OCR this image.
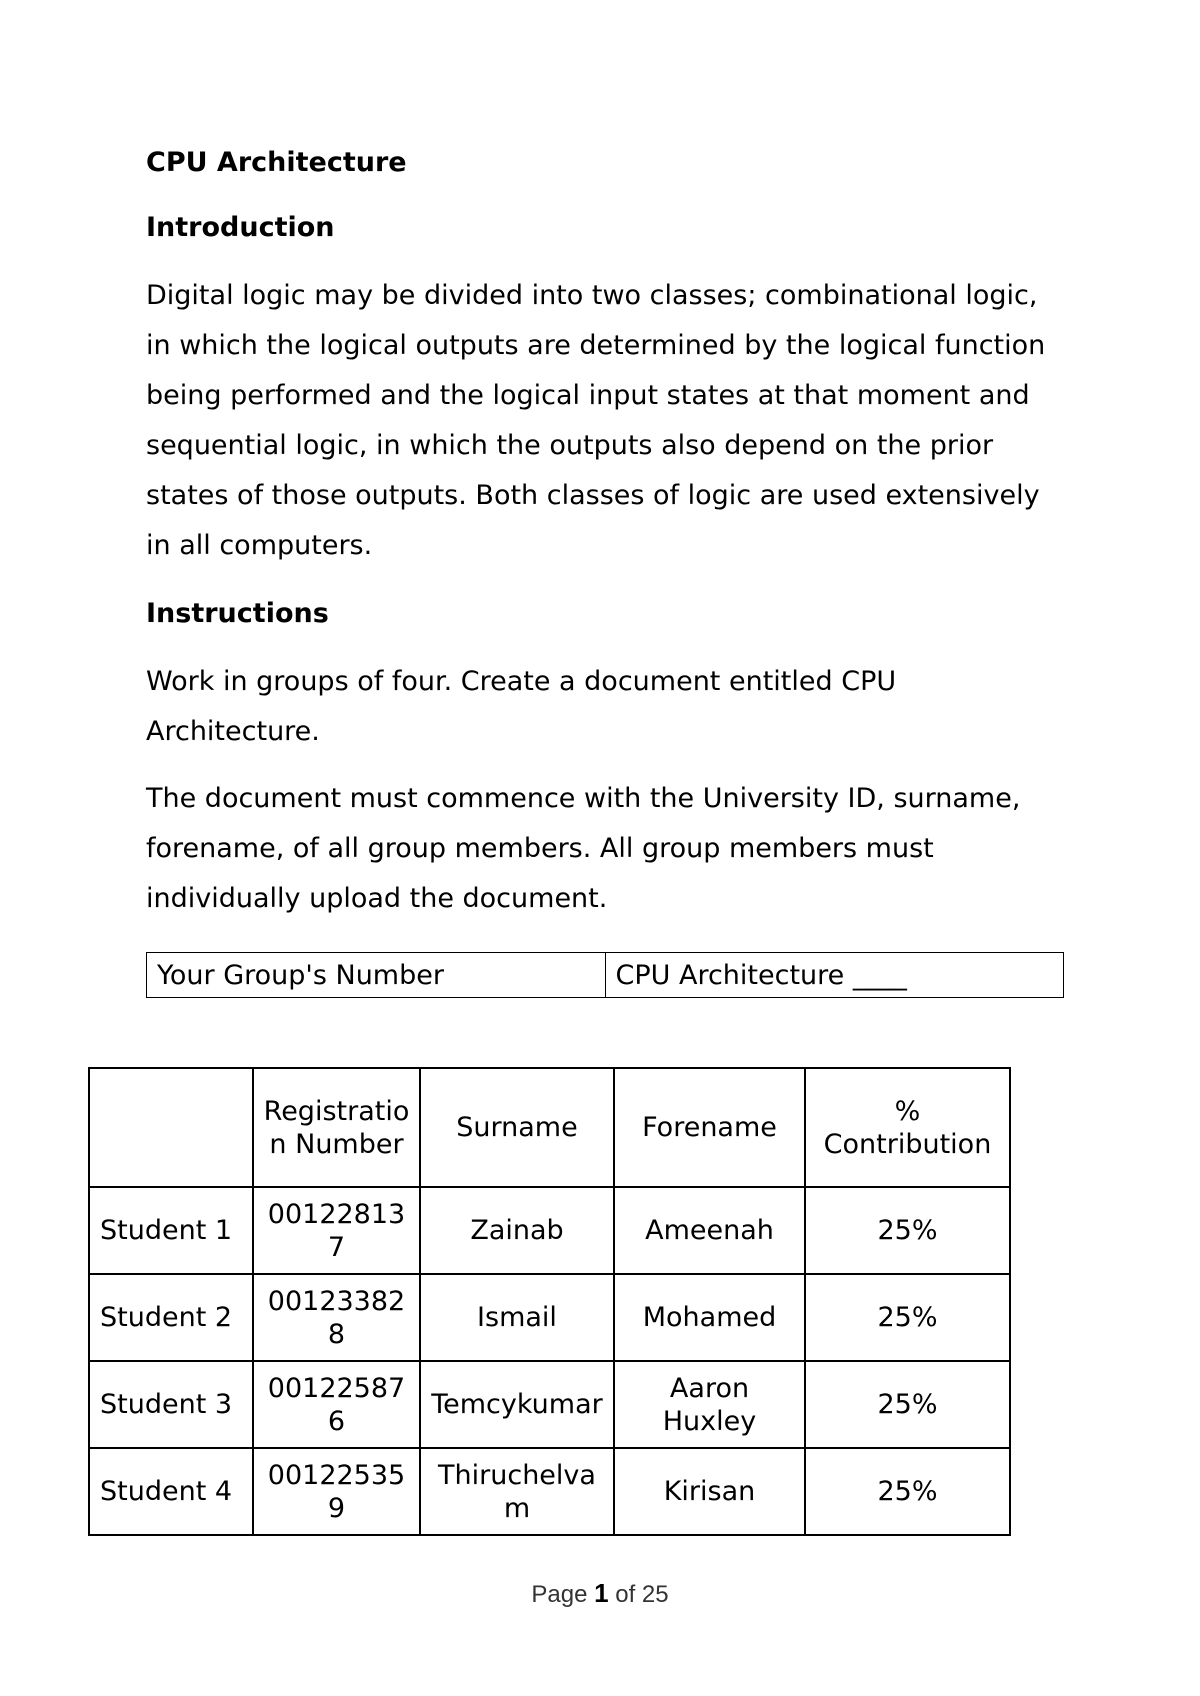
CPU Architecture

Introduction

Digital logic may be divided into two classes; combinational logic, in which the logical outputs are determined by the logical function being performed and the logical input states at that moment and sequential logic, in which the outputs also depend on the prior states of those outputs. Both classes of logic are used extensively in all computers.

Instructions

Work in groups of four. Create a document entitled CPU Architecture.

The document must commence with the University ID, surname, forename, of all group members. All group members must individually upload the document.

Your Group's Number	CPU Architecture ____
	Registration Number	Surname	Forename	% Contribution
Student 1	001228137	Zainab	Ameenah	25%
Student 2	001233828	Ismail	Mohamed	25%
Student 3	001225876	Temcykumar	Aaron Huxley	25%
Student 4	001225359	Thiruchelvam	Kirisan	25%
Page 1 of 25
